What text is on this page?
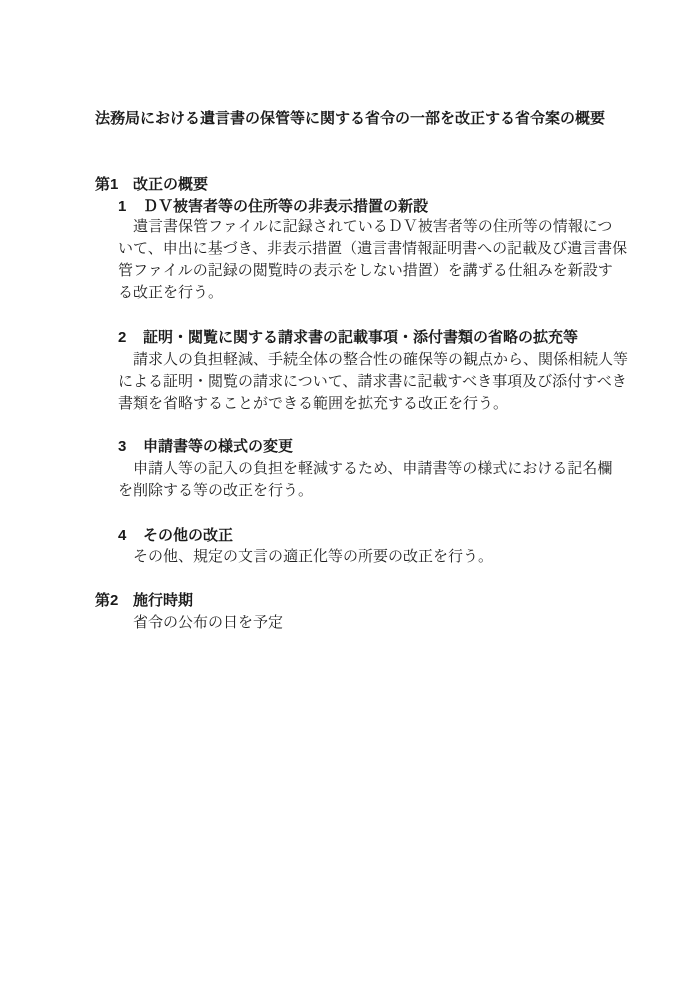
法務局における遺言書の保管等に関する省令の一部を改正する省令案の概要
第1 改正の概要
1	ＤＶ被害者等の住所等の非表示措置の新設
遺言書保管ファイルに記録されているＤＶ被害者等の住所等の情報につ
いて、申出に基づき、非表示措置（遺言書情報証明書への記載及び遺言書保
管ファイルの記録の閲覧時の表示をしない措置）を講ずる仕組みを新設す
る改正を行う。
2	証明・閲覧に関する請求書の記載事項・添付書類の省略の拡充等
請求人の負担軽減、手続全体の整合性の確保等の観点から、関係相続人等
による証明・閲覧の請求について、請求書に記載すべき事項及び添付すべき
書類を省略することができる範囲を拡充する改正を行う。
3	申請書等の様式の変更
申請人等の記入の負担を軽減するため、申請書等の様式における記名欄
を削除する等の改正を行う。
4	その他の改正
その他、規定の文言の適正化等の所要の改正を行う。
第2 施行時期
省令の公布の日を予定
